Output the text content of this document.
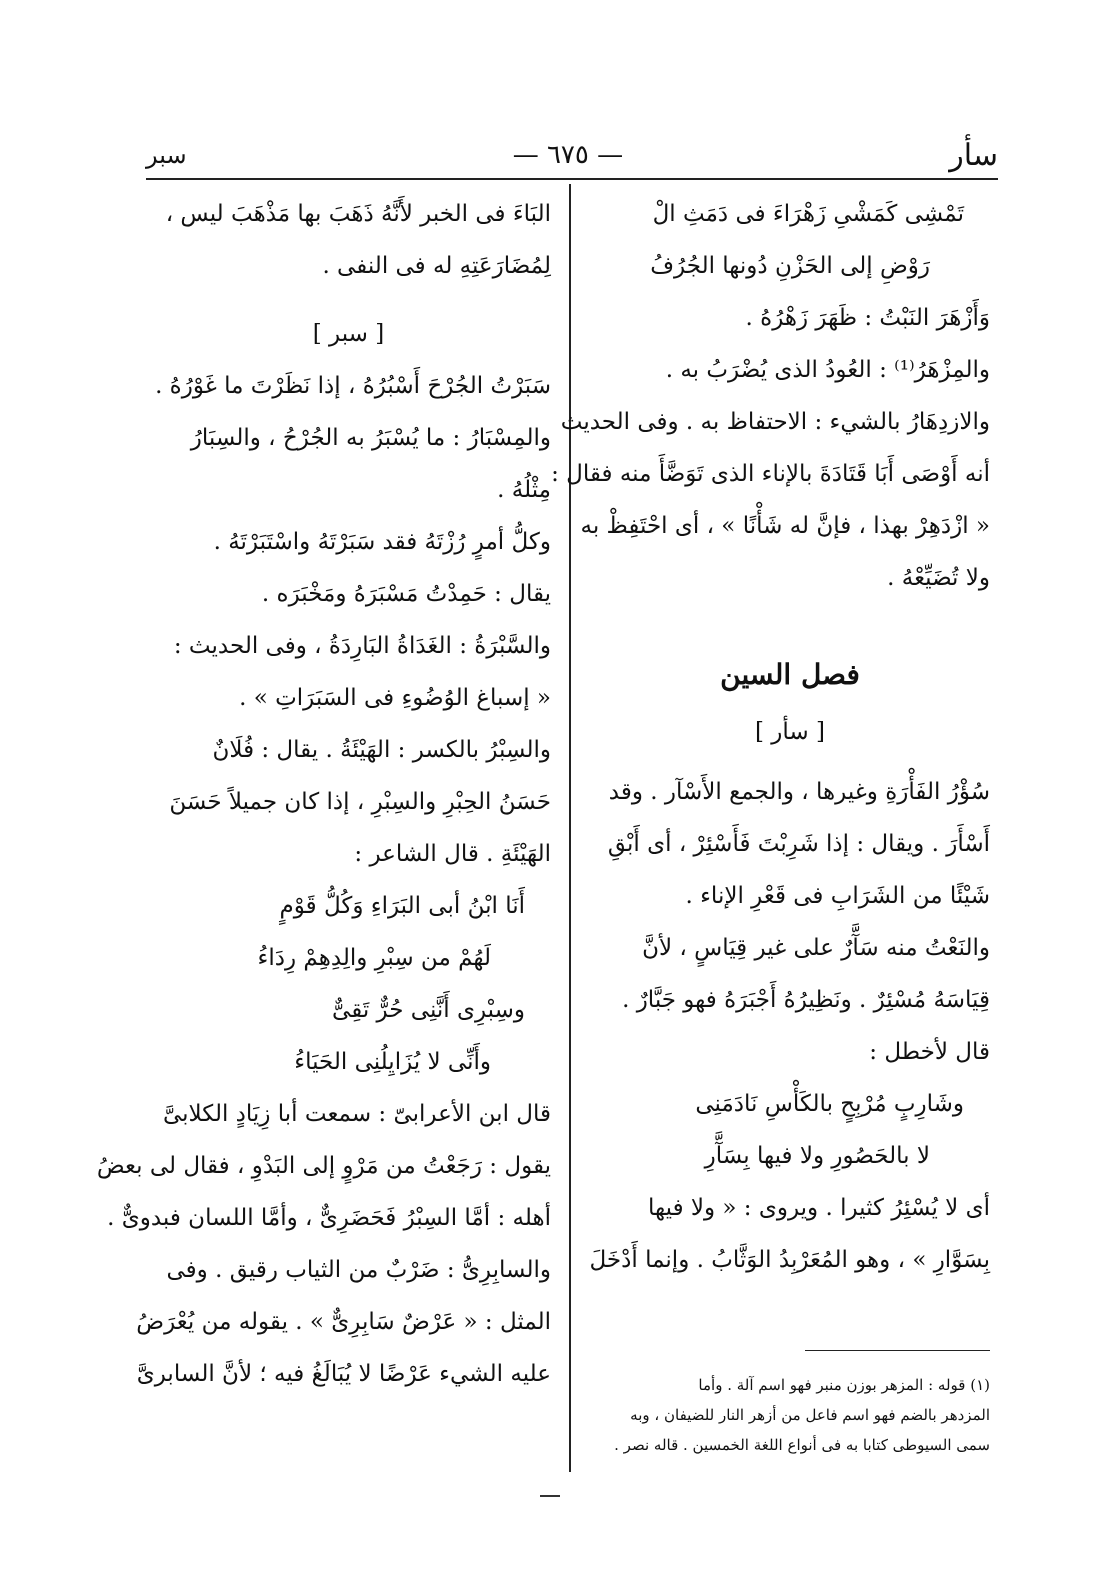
سبر	— ٦٧٥ —	سأر
تَمْشِى كَمَشْىِ زَهْرَاءَ فى دَمَثِ الْ
رَوْضِ إلى الحَزْنِ دُونها الجُرُفُ
وَأَزْهَرَ النَبْتُ : ظَهَرَ زَهْرُهُ .
والمِزْهَرُ⁽¹⁾ : العُودُ الذى يُضْرَبُ به .
والازدِهَارُ بالشيء : الاحتفاظ به . وفى الحديث
أنه أَوْصَى أَبَا قَتَادَةَ بالإناء الذى تَوَضَّأَ منه فقال :
« ازْدَهِرْ بهذا ، فإنَّ له شَأْنًا » ، أى احْتَفِظْ به
ولا تُضَيِّعْهُ .
فصل السين
[ سأر ]
سُؤْرُ الفَأْرَةِ وغيرها ، والجمع الأَسْآر . وقد
أَسْأَرَ . ويقال : إذا شَرِبْتَ فَأَسْئِرْ ، أى أَبْقِ
شَيْئًا من الشَرَابِ فى قَعْرِ الإناء .
والنَعْتُ منه سَآَّرٌ على غير قِيَاسٍ ، لأنَّ
قِيَاسَهُ مُسْئِرٌ . ونَظِيرُهُ أَجْبَرَهُ فهو جَبَّارٌ .
قال لأخطل :
وشَارِبٍ مُرْبِحٍ بالكَأْسِ نَادَمَنِى
لا بالحَصُورِ ولا فيها بِسَآَّرِ
أى لا يُسْئِرُ كثيرا . ويروى : « ولا فيها
بِسَوَّارِ » ، وهو المُعَرْبِدُ الوَثَّابُ . وإنما أَدْخَلَ
البَاءَ فى الخبر لأَنَّهُ ذَهَبَ بها مَذْهَبَ ليس ،
لِمُضَارَعَتِهِ له فى النفى .
[ سبر ]
سَبَرْتُ الجُرْحَ أَسْبُرُهُ ، إذا نَظَرْتَ ما غَوْرُهُ .
والمِسْبَارُ : ما يُسْبَرُ به الجُرْحُ ، والسِبَارُ
مِثْلُهُ .
وكلُّ أمرٍ رُزْتَهُ فقد سَبَرْتَهُ واسْتَبَرْتَهُ .
يقال : حَمِدْتُ مَسْبَرَهُ ومَخْبَرَه .
والسَّبْرَةُ : الغَدَاةُ البَارِدَةُ ، وفى الحديث :
« إسباغ الوُضُوءِ فى السَبَرَاتِ » .
والسِبْرُ بالكسر : الهَيْئَةُ . يقال : فُلَانٌ
حَسَنُ الحِبْرِ والسِبْرِ ، إذا كان جميلاً حَسَنَ
الهَيْئَةِ . قال الشاعر :
أَنَا ابْنُ أبى البَرَاءِ وَكُلُّ قَوْمٍ
لَهُمْ من سِبْرِ والِدِهِمْ رِدَاءُ
وسِبْرِى أَنَّنِى حُرٌّ تَقِىٌّ
وأَنِّى لا يُزَايِلُنِى الحَيَاءُ
قال ابن الأعرابىّ : سمعت أبا زِيَادٍ الكلابىَّ
يقول : رَجَعْتُ من مَرْوٍ إلى البَدْوِ ، فقال لى بعضُ
أهله : أمَّا السِبْرُ فَحَضَرِىٌّ ، وأمَّا اللسان فبدوىٌّ .
والسابِرِىُّ : ضَرْبٌ من الثياب رقيق . وفى
المثل : « عَرْضٌ سَابِرِىٌّ » . يقوله من يُعْرَضُ
عليه الشيء عَرْضًا لا يُبَالَغُ فيه ؛ لأنَّ السابرىَّ	(١) قوله : المزهر بوزن منبر فهو اسم آلة . وأما
المزدهر بالضم فهو اسم فاعل من أزهر النار للضيفان ، وبه
سمى السيوطى كتابا به فى أنواع اللغة الخمسين . قاله نصر .
